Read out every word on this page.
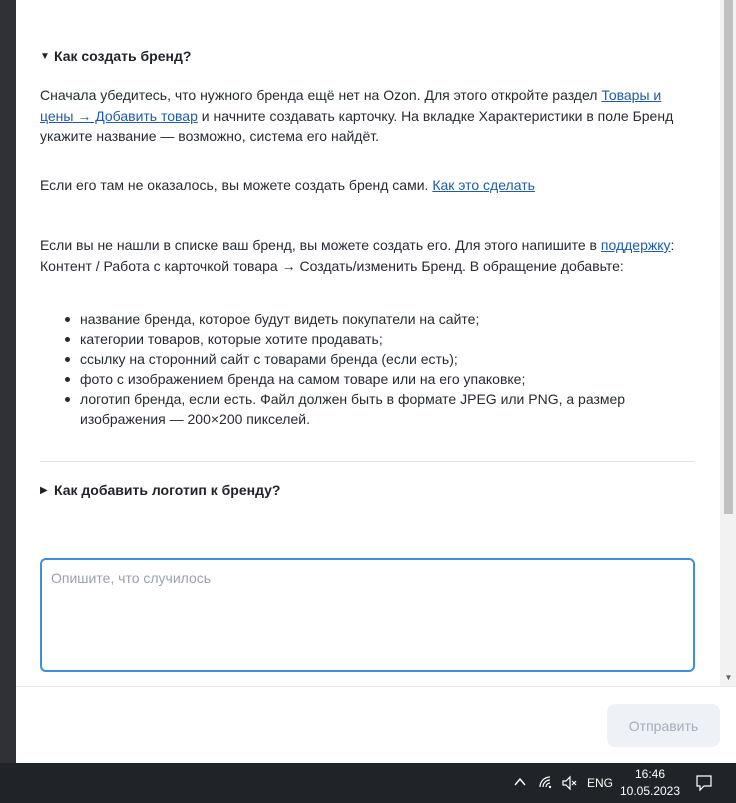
▼ Как создать бренд?

Сначала убедитесь, что нужного бренда ещё нет на Ozon. Для этого откройте раздел Товары и цены → Добавить товар и начните создавать карточку. На вкладке Характеристики в поле Бренд укажите название — возможно, система его найдёт.

Если его там не оказалось, вы можете создать бренд сами. Как это сделать

Если вы не нашли в списке ваш бренд, вы можете создать его. Для этого напишите в поддержку: Контент / Работа с карточкой товара → Создать/изменить Бренд. В обращение добавьте:

название бренда, которое будут видеть покупатели на сайте;
категории товаров, которые хотите продавать;
ссылку на сторонний сайт с товарами бренда (если есть);
фото с изображением бренда на самом товаре или на его упаковке;
логотип бренда, если есть. Файл должен быть в формате JPEG или PNG, а размер изображения — 200×200 пикселей.
▶ Как добавить логотип к бренду?
Опишите, что случилось
▼
Отправить
ENG
16:46
10.05.2023
